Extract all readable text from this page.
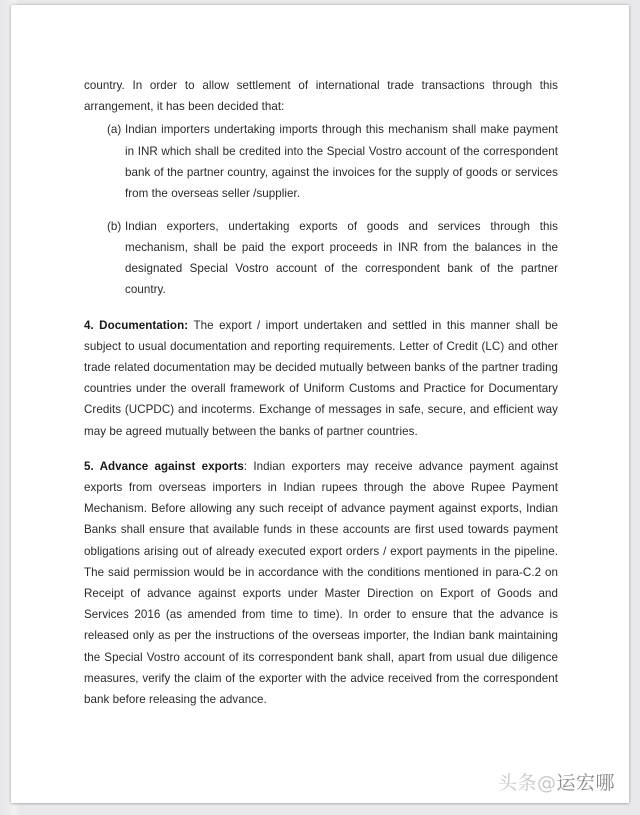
country. In order to allow settlement of international trade transactions through this arrangement, it has been decided that:

(a) Indian importers undertaking imports through this mechanism shall make payment in INR which shall be credited into the Special Vostro account of the correspondent bank of the partner country, against the invoices for the supply of goods or services from the overseas seller /supplier.

(b) Indian exporters, undertaking exports of goods and services through this mechanism, shall be paid the export proceeds in INR from the balances in the designated Special Vostro account of the correspondent bank of the partner country.

4. Documentation: The export / import undertaken and settled in this manner shall be subject to usual documentation and reporting requirements. Letter of Credit (LC) and other trade related documentation may be decided mutually between banks of the partner trading countries under the overall framework of Uniform Customs and Practice for Documentary Credits (UCPDC) and incoterms. Exchange of messages in safe, secure, and efficient way may be agreed mutually between the banks of partner countries.

5. Advance against exports: Indian exporters may receive advance payment against exports from overseas importers in Indian rupees through the above Rupee Payment Mechanism. Before allowing any such receipt of advance payment against exports, Indian Banks shall ensure that available funds in these accounts are first used towards payment obligations arising out of already executed export orders / export payments in the pipeline. The said permission would be in accordance with the conditions mentioned in para-C.2 on Receipt of advance against exports under Master Direction on Export of Goods and Services 2016 (as amended from time to time). In order to ensure that the advance is released only as per the instructions of the overseas importer, the Indian bank maintaining the Special Vostro account of its correspondent bank shall, apart from usual due diligence measures, verify the claim of the exporter with the advice received from the correspondent bank before releasing the advance.

头条@运宏哪
